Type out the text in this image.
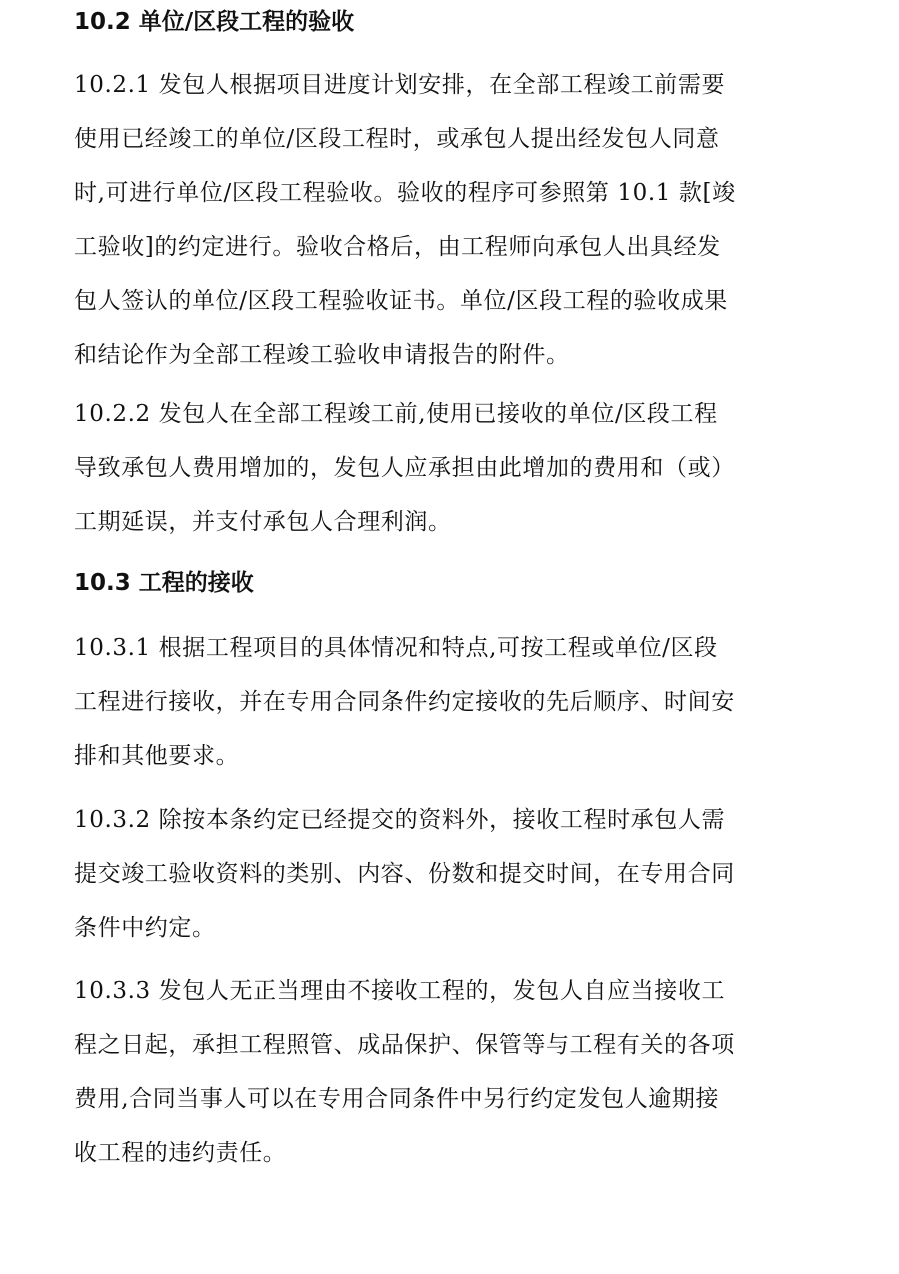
10.2 单位/区段工程的验收
10.2.1 发包人根据项目进度计划安排，在全部工程竣工前需要
使用已经竣工的单位/区段工程时，或承包人提出经发包人同意
时,可进行单位/区段工程验收。验收的程序可参照第 10.1 款[竣
工验收]的约定进行。验收合格后，由工程师向承包人出具经发
包人签认的单位/区段工程验收证书。单位/区段工程的验收成果
和结论作为全部工程竣工验收申请报告的附件。
10.2.2 发包人在全部工程竣工前,使用已接收的单位/区段工程
导致承包人费用增加的，发包人应承担由此增加的费用和（或）
工期延误，并支付承包人合理利润。
10.3 工程的接收
10.3.1 根据工程项目的具体情况和特点,可按工程或单位/区段
工程进行接收，并在专用合同条件约定接收的先后顺序、时间安
排和其他要求。
10.3.2 除按本条约定已经提交的资料外，接收工程时承包人需
提交竣工验收资料的类别、内容、份数和提交时间，在专用合同
条件中约定。
10.3.3 发包人无正当理由不接收工程的，发包人自应当接收工
程之日起，承担工程照管、成品保护、保管等与工程有关的各项
费用,合同当事人可以在专用合同条件中另行约定发包人逾期接
收工程的违约责任。
